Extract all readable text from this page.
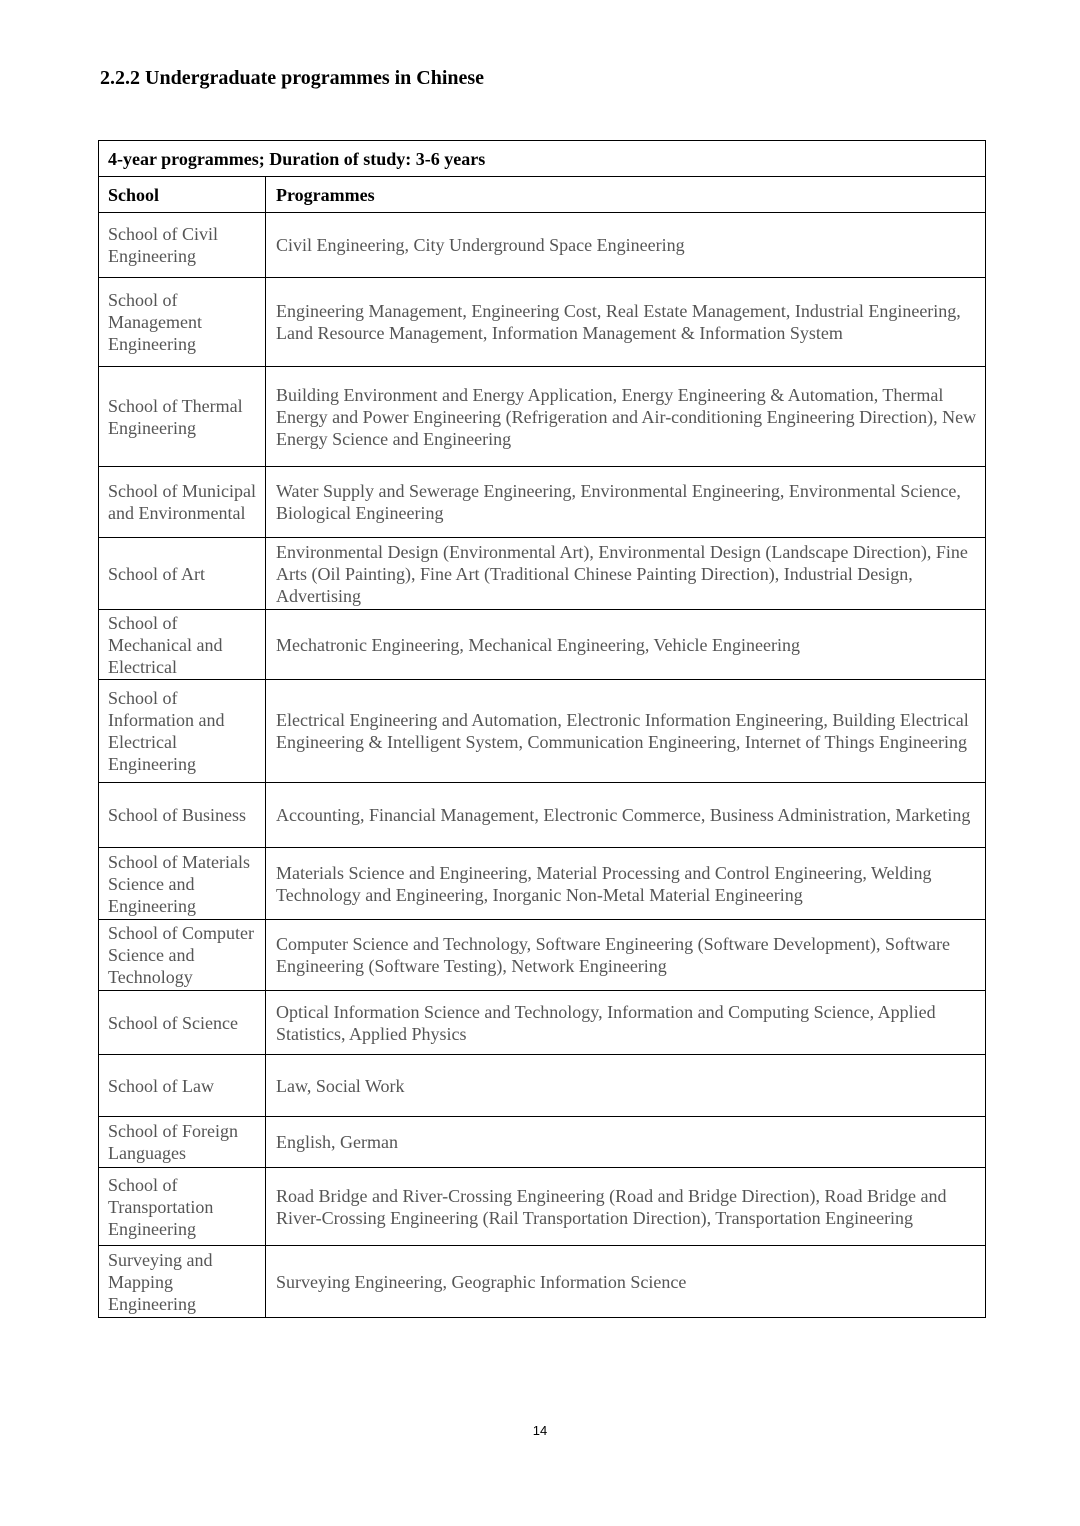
2.2.2 Undergraduate programmes in Chinese
4-year programmes; Duration of study: 3-6 years	
School	Programmes
School of Civil Engineering	Civil Engineering, City Underground Space Engineering
School of Management Engineering	Engineering Management, Engineering Cost, Real Estate Management, Industrial Engineering, Land Resource Management, Information Management & Information System
School of Thermal Engineering	Building Environment and Energy Application, Energy Engineering & Automation, Thermal Energy and Power Engineering (Refrigeration and Air-conditioning Engineering Direction), New Energy Science and Engineering
School of Municipal and Environmental	Water Supply and Sewerage Engineering, Environmental Engineering, Environmental Science, Biological Engineering
School of Art	Environmental Design (Environmental Art), Environmental Design (Landscape Direction), Fine Arts (Oil Painting), Fine Art (Traditional Chinese Painting Direction), Industrial Design, Advertising
School of Mechanical and Electrical	Mechatronic Engineering, Mechanical Engineering, Vehicle Engineering
School of Information and Electrical Engineering	Electrical Engineering and Automation, Electronic Information Engineering, Building Electrical Engineering & Intelligent System, Communication Engineering, Internet of Things Engineering
School of Business	Accounting, Financial Management, Electronic Commerce, Business Administration, Marketing
School of Materials Science and Engineering	Materials Science and Engineering, Material Processing and Control Engineering, Welding Technology and Engineering, Inorganic Non-Metal Material Engineering
School of Computer Science and Technology	Computer Science and Technology, Software Engineering (Software Development), Software Engineering (Software Testing), Network Engineering
School of Science	Optical Information Science and Technology, Information and Computing Science, Applied Statistics, Applied Physics
School of Law	Law, Social Work
School of Foreign Languages	English, German
School of Transportation Engineering	Road Bridge and River-Crossing Engineering (Road and Bridge Direction), Road Bridge and River-Crossing Engineering (Rail Transportation Direction), Transportation Engineering
Surveying and Mapping Engineering	Surveying Engineering, Geographic Information Science
14
